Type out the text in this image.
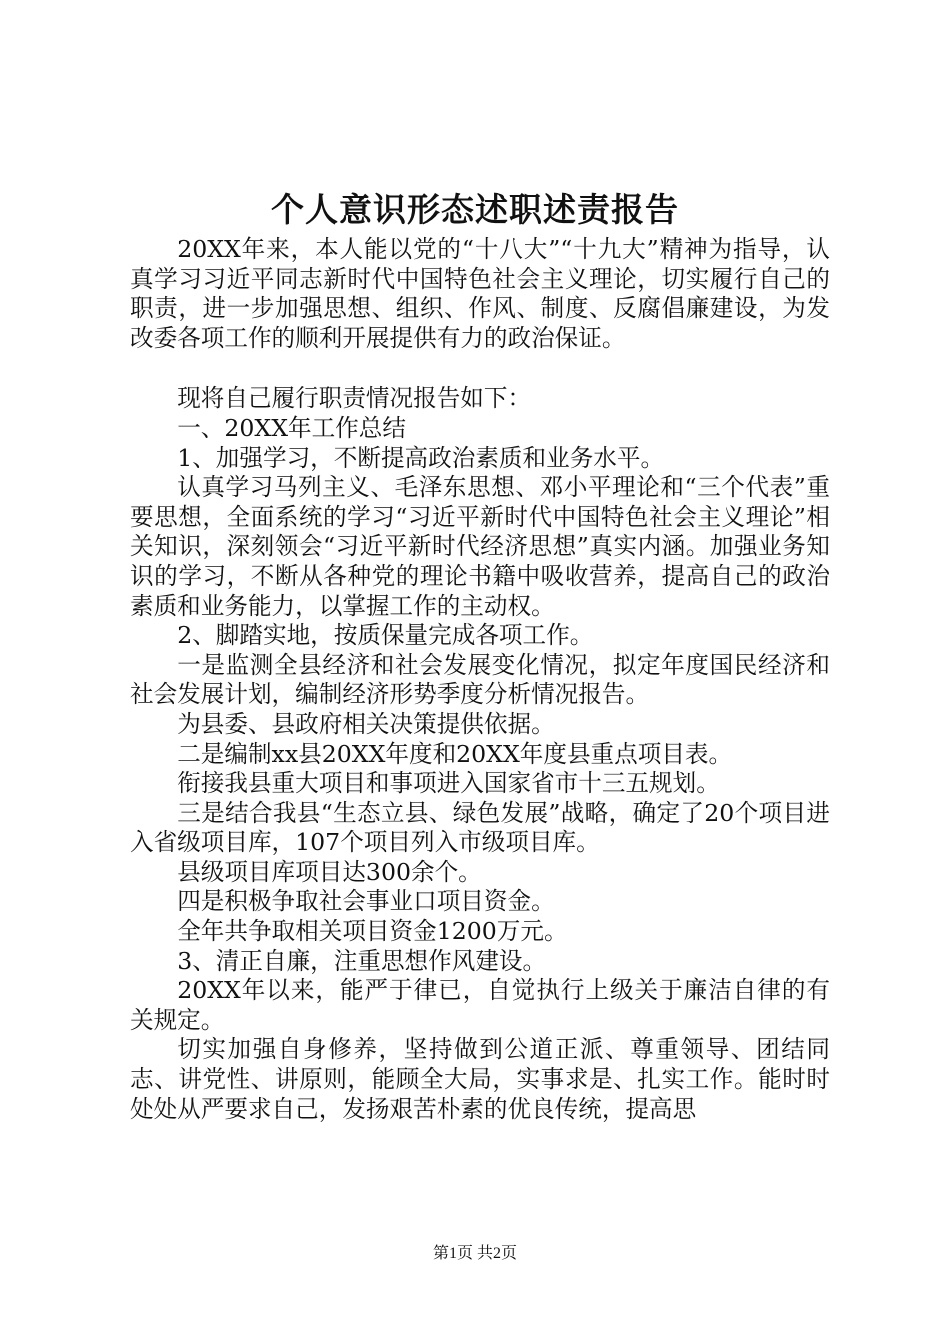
个人意识形态述职述责报告

20XX年来，本人能以党的“十八大”“十九大”精神为指导，认真学习习近平同志新时代中国特色社会主义理论，切实履行自己的职责，进一步加强思想、组织、作风、制度、反腐倡廉建设，为发改委各项工作的顺利开展提供有力的政治保证。

现将自己履行职责情况报告如下：

一、20XX年工作总结

1、加强学习，不断提高政治素质和业务水平。

认真学习马列主义、毛泽东思想、邓小平理论和“三个代表”重要思想，全面系统的学习“习近平新时代中国特色社会主义理论”相关知识，深刻领会“习近平新时代经济思想”真实内涵。加强业务知识的学习，不断从各种党的理论书籍中吸收营养，提高自己的政治素质和业务能力，以掌握工作的主动权。

2、脚踏实地，按质保量完成各项工作。

一是监测全县经济和社会发展变化情况，拟定年度国民经济和社会发展计划，编制经济形势季度分析情况报告。

为县委、县政府相关决策提供依据。

二是编制xx县20XX年度和20XX年度县重点项目表。

衔接我县重大项目和事项进入国家省市十三五规划。

三是结合我县“生态立县、绿色发展”战略，确定了20个项目进入省级项目库，107个项目列入市级项目库。

县级项目库项目达300余个。

四是积极争取社会事业口项目资金。

全年共争取相关项目资金1200万元。

3、清正自廉，注重思想作风建设。

20XX年以来，能严于律已，自觉执行上级关于廉洁自律的有关规定。

切实加强自身修养，坚持做到公道正派、尊重领导、团结同志、讲党性、讲原则，能顾全大局，实事求是、扎实工作。能时时处处从严要求自己，发扬艰苦朴素的优良传统，提高思

第1页 共2页
